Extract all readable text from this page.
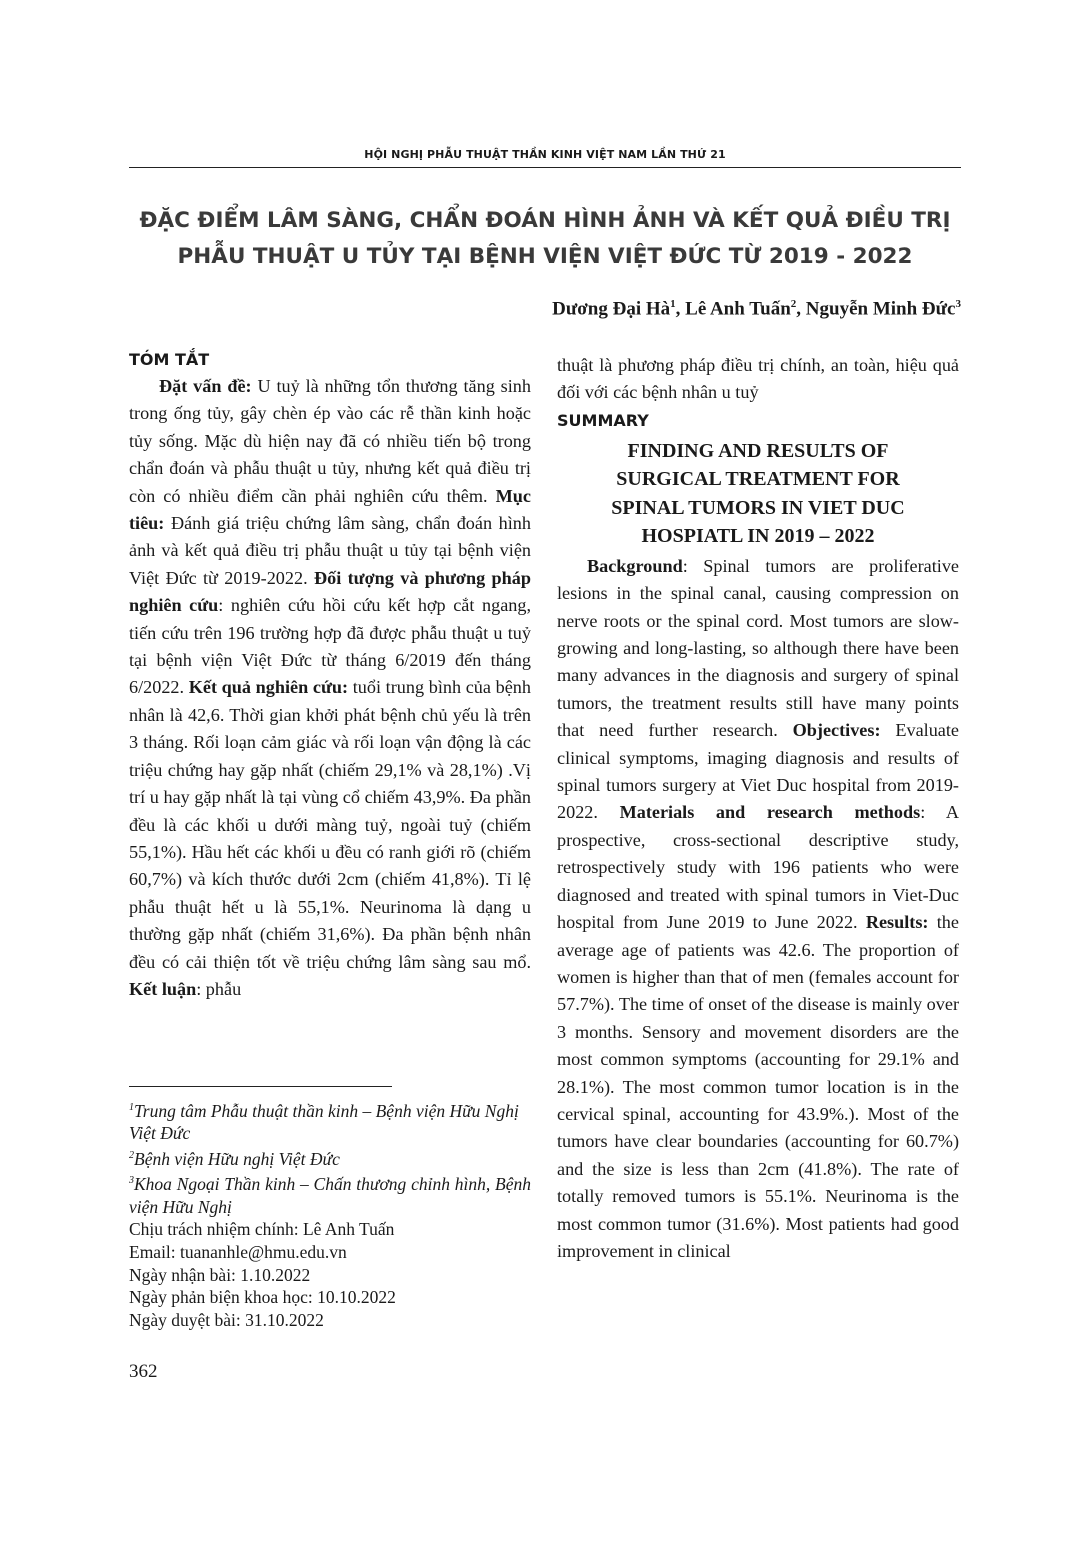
HỘI NGHỊ PHẪU THUẬT THẦN KINH VIỆT NAM LẦN THỨ 21
ĐẶC ĐIỂM LÂM SÀNG, CHẨN ĐOÁN HÌNH ẢNH VÀ KẾT QUẢ ĐIỀU TRỊ
PHẪU THUẬT U TỦY TẠI BỆNH VIỆN VIỆT ĐỨC TỪ 2019 - 2022
Dương Đại $Hà^1$, Lê Anh Tuấn$^2$, Nguyễn Minh Đức$^3$
TÓM TẮT

Đặt vấn đề: U tuỷ là những tổn thương tăng sinh trong ống tủy, gây chèn ép vào các rễ thần kinh hoặc tủy sống. Mặc dù hiện nay đã có nhiều tiến bộ trong chẩn đoán và phẫu thuật u tủy, nhưng kết quả điều trị còn có nhiều điểm cần phải nghiên cứu thêm. Mục tiêu: Đánh giá triệu chứng lâm sàng, chẩn đoán hình ảnh và kết quả điều trị phẫu thuật u tủy tại bệnh viện Việt Đức từ 2019-2022. Đối tượng và phương pháp nghiên cứu: nghiên cứu hồi cứu kết hợp cắt ngang, tiến cứu trên 196 trường hợp đã được phẫu thuật u tuỷ tại bệnh viện Việt Đức từ tháng 6/2019 đến tháng 6/2022. Kết quả nghiên cứu: tuổi trung bình của bệnh nhân là 42,6. Thời gian khởi phát bệnh chủ yếu là trên 3 tháng. Rối loạn cảm giác và rối loạn vận động là các triệu chứng hay gặp nhất (chiếm 29,1% và 28,1%) .Vị trí u hay gặp nhất là tại vùng cổ chiếm 43,9%. Đa phần đều là các khối u dưới màng tuỷ, ngoài tuỷ (chiếm 55,1%). Hầu hết các khối u đều có ranh giới rõ (chiếm 60,7%) và kích thước dưới 2cm (chiếm 41,8%). Tỉ lệ phẫu thuật hết u là 55,1%. Neurinoma là dạng u thường gặp nhất (chiếm 31,6%). Đa phần bệnh nhân đều có cải thiện tốt về triệu chứng lâm sàng sau mổ. Kết luận: phẫu

$^1$Trung tâm Phẫu thuật thần kinh – Bệnh viện Hữu Nghị Việt Đức
$^2$Bệnh viện Hữu nghị Việt Đức
$^3$Khoa Ngoại Thần kinh – Chấn thương chỉnh hình, Bệnh viện Hữu Nghị
Chịu trách nhiệm chính: Lê Anh Tuấn
Email: tuananhle@hmu.edu.vn
Ngày nhận bài: 1.10.2022
Ngày phản biện khoa học: 10.10.2022
Ngày duyệt bài: 31.10.2022

thuật là phương pháp điều trị chính, an toàn, hiệu quả đối với các bệnh nhân u tuỷ

SUMMARY
FINDING AND RESULTS OF
SURGICAL TREATMENT FOR
SPINAL TUMORS IN VIET DUC
HOSPIATL IN 2019 – 2022

Background: Spinal tumors are proliferative lesions in the spinal canal, causing compression on nerve roots or the spinal cord. Most tumors are slow-growing and long-lasting, so although there have been many advances in the diagnosis and surgery of spinal tumors, the treatment results still have many points that need further research. Objectives: Evaluate clinical symptoms, imaging diagnosis and results of spinal tumors surgery at Viet Duc hospital from 2019-2022. Materials and research methods: A prospective, cross-sectional descriptive study, retrospectively study with 196 patients who were diagnosed and treated with spinal tumors in Viet-Duc hospital from June 2019 to June 2022. Results: the average age of patients was 42.6. The proportion of women is higher than that of men (females account for 57.7%). The time of onset of the disease is mainly over 3 months. Sensory and movement disorders are the most common symptoms (accounting for 29.1% and 28.1%). The most common tumor location is in the cervical spinal, accounting for 43.9%.). Most of the tumors have clear boundaries (accounting for 60.7%) and the size is less than 2cm (41.8%). The rate of totally removed tumors is 55.1%. Neurinoma is the most common tumor (31.6%). Most patients had good improvement in clinical

362
